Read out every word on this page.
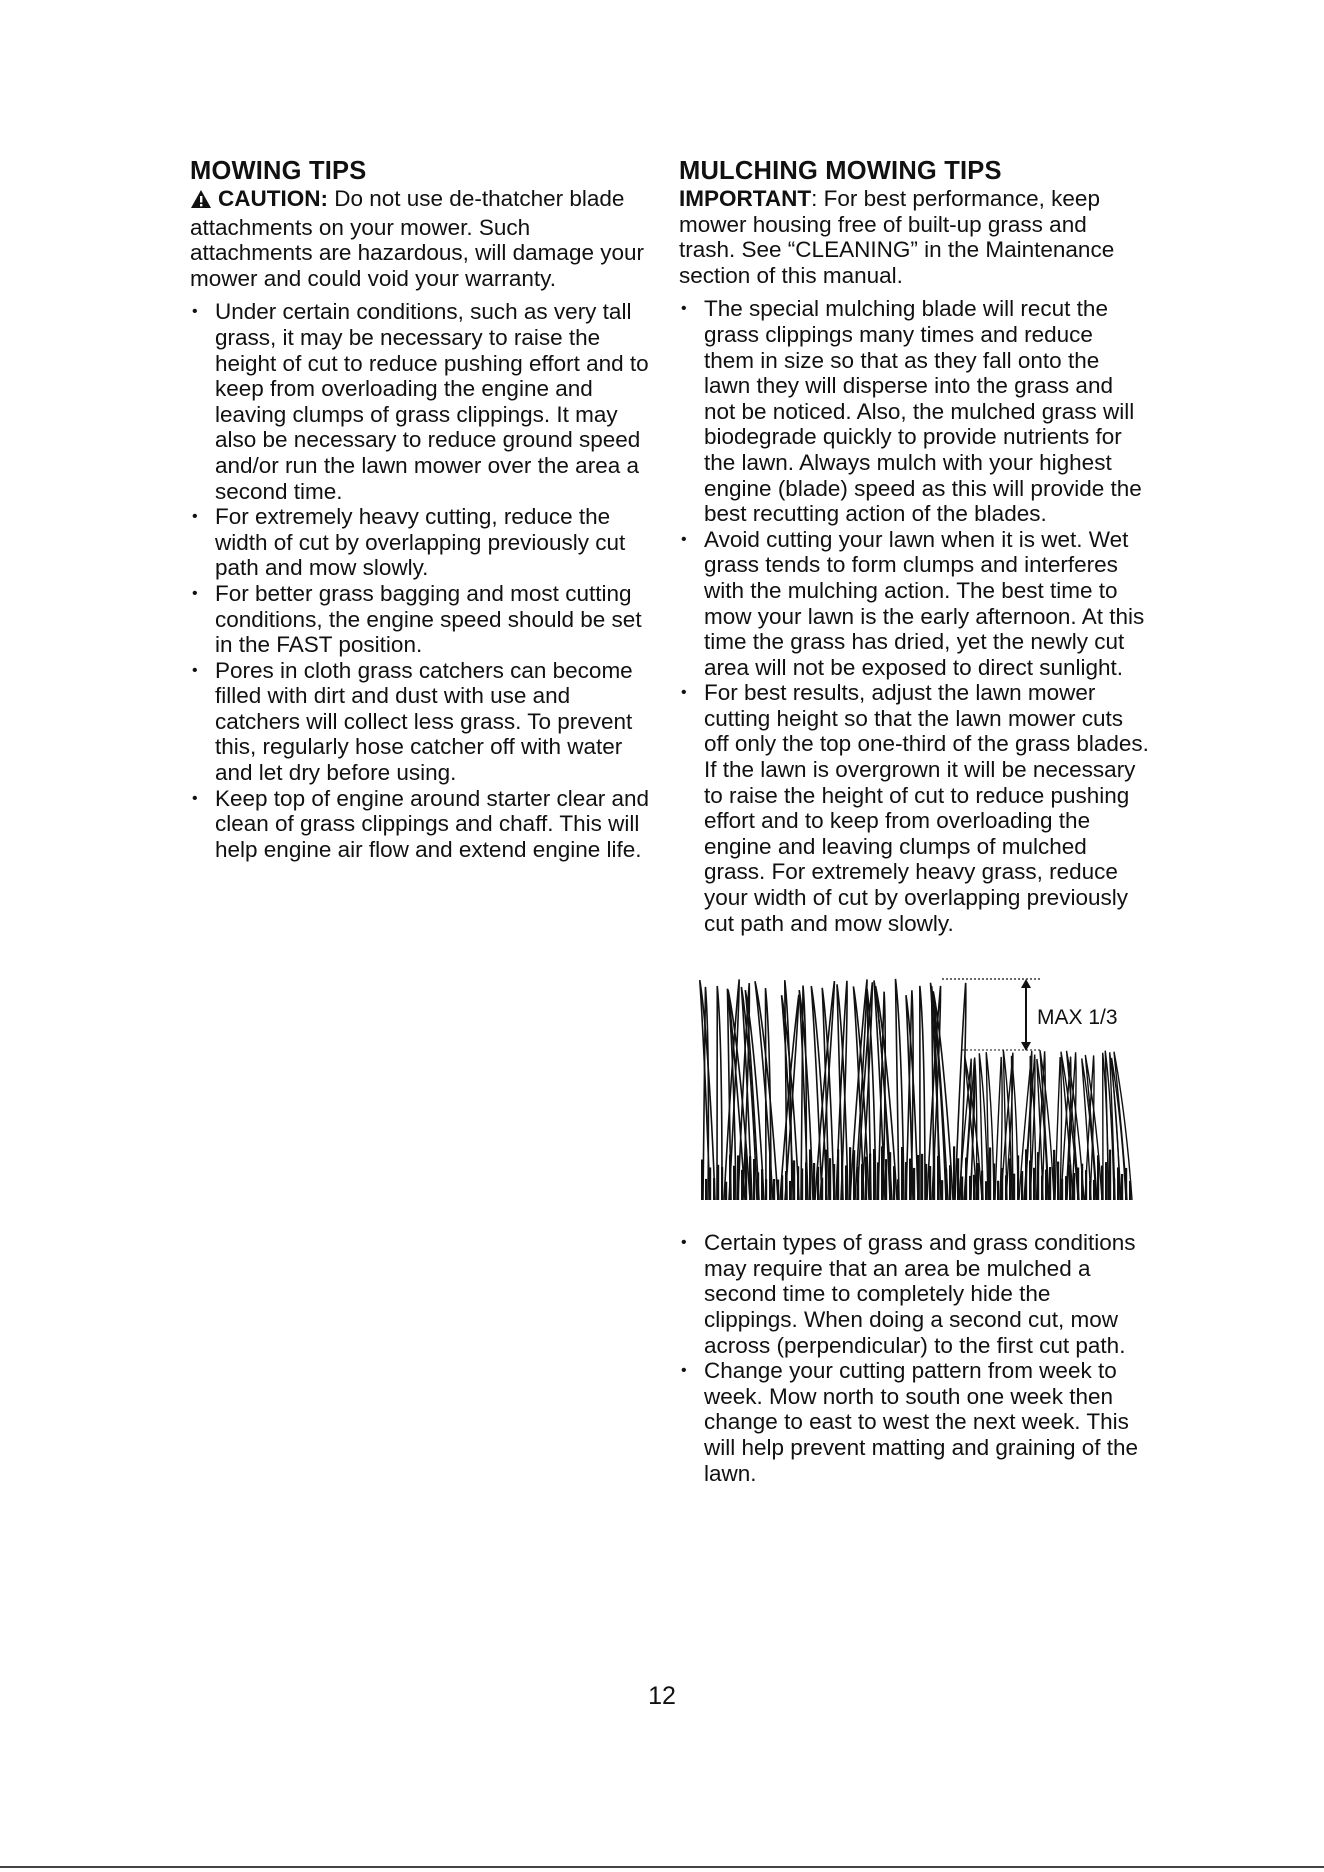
MOWING TIPS

CAUTION: Do not use de-thatcher blade attachments on your mower. Such attachments are hazardous, will damage your mower and could void your warranty.

• Under certain conditions, such as very tall grass, it may be necessary to raise the height of cut to reduce pushing effort and to keep from overloading the engine and leaving clumps of grass clippings. It may also be necessary to reduce ground speed and/or run the lawn mower over the area a second time.
• For extremely heavy cutting, reduce the width of cut by overlapping previously cut path and mow slowly.
• For better grass bagging and most cutting conditions, the engine speed should be set in the FAST position.
• Pores in cloth grass catchers can become filled with dirt and dust with use and catchers will collect less grass. To prevent this, regularly hose catcher off with water and let dry before using.
• Keep top of engine around starter clear and clean of grass clippings and chaff. This will help engine air flow and extend engine life.
MULCHING MOWING TIPS

IMPORTANT: For best performance, keep mower housing free of built-up grass and trash. See “CLEANING” in the Maintenance section of this manual.

• The special mulching blade will recut the grass clippings many times and reduce them in size so that as they fall onto the lawn they will disperse into the grass and not be noticed. Also, the mulched grass will biodegrade quickly to provide nutrients for the lawn. Always mulch with your highest engine (blade) speed as this will provide the best recutting action of the blades.
• Avoid cutting your lawn when it is wet. Wet grass tends to form clumps and interferes with the mulching action. The best time to mow your lawn is the early afternoon. At this time the grass has dried, yet the newly cut area will not be exposed to direct sunlight.
• For best results, adjust the lawn mower cutting height so that the lawn mower cuts off only the top one-third of the grass blades. If the lawn is overgrown it will be necessary to raise the height of cut to reduce pushing effort and to keep from overloading the engine and leaving clumps of mulched grass. For extremely heavy grass, reduce your width of cut by overlapping previously cut path and mow slowly.
MAX 1/3
• Certain types of grass and grass conditions may require that an area be mulched a second time to completely hide the clippings. When doing a second cut, mow across (perpendicular) to the first cut path.
• Change your cutting pattern from week to week. Mow north to south one week then change to east to west the next week. This will help prevent matting and graining of the lawn.
12
